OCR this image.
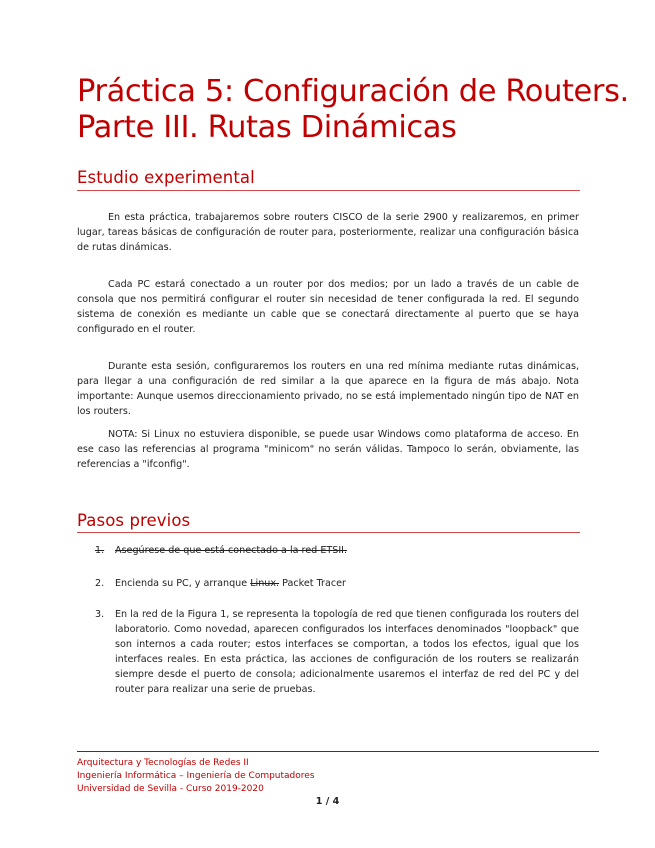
Práctica 5: Configuración de Routers.
Parte III. Rutas Dinámicas
Estudio experimental

En esta práctica, trabajaremos sobre routers CISCO de la serie 2900 y realizaremos, en primer lugar, tareas básicas de configuración de router para, posteriormente, realizar una configuración básica de rutas dinámicas.

Cada PC estará conectado a un router por dos medios; por un lado a través de un cable de consola que nos permitirá configurar el router sin necesidad de tener configurada la red. El segundo sistema de conexión es mediante un cable que se conectará directamente al puerto que se haya configurado en el router.

Durante esta sesión, configuraremos los routers en una red mínima mediante rutas dinámicas, para llegar a una configuración de red similar a la que aparece en la figura de más abajo. Nota importante: Aunque usemos direccionamiento privado, no se está implementado ningún tipo de NAT en los routers.

NOTA: Si Linux no estuviera disponible, se puede usar Windows como plataforma de acceso. En ese caso las referencias al programa "minicom" no serán válidas. Tampoco lo serán, obviamente, las referencias a "ifconfig".

Pasos previos
1. Asegúrese de que está conectado a la red ETSII.
2. Encienda su PC, y arranque Linux. Packet Tracer
3. En la red de la Figura 1, se representa la topología de red que tienen configurada los routers del laboratorio. Como novedad, aparecen configurados los interfaces denominados "loopback" que son internos a cada router; estos interfaces se comportan, a todos los efectos, igual que los interfaces reales. En esta práctica, las acciones de configuración de los routers se realizarán siempre desde el puerto de consola; adicionalmente usaremos el interfaz de red del PC y del router para realizar una serie de pruebas.
Arquitectura y Tecnologías de Redes II
Ingeniería Informática – Ingeniería de Computadores
Universidad de Sevilla - Curso 2019-2020
1 / 4
